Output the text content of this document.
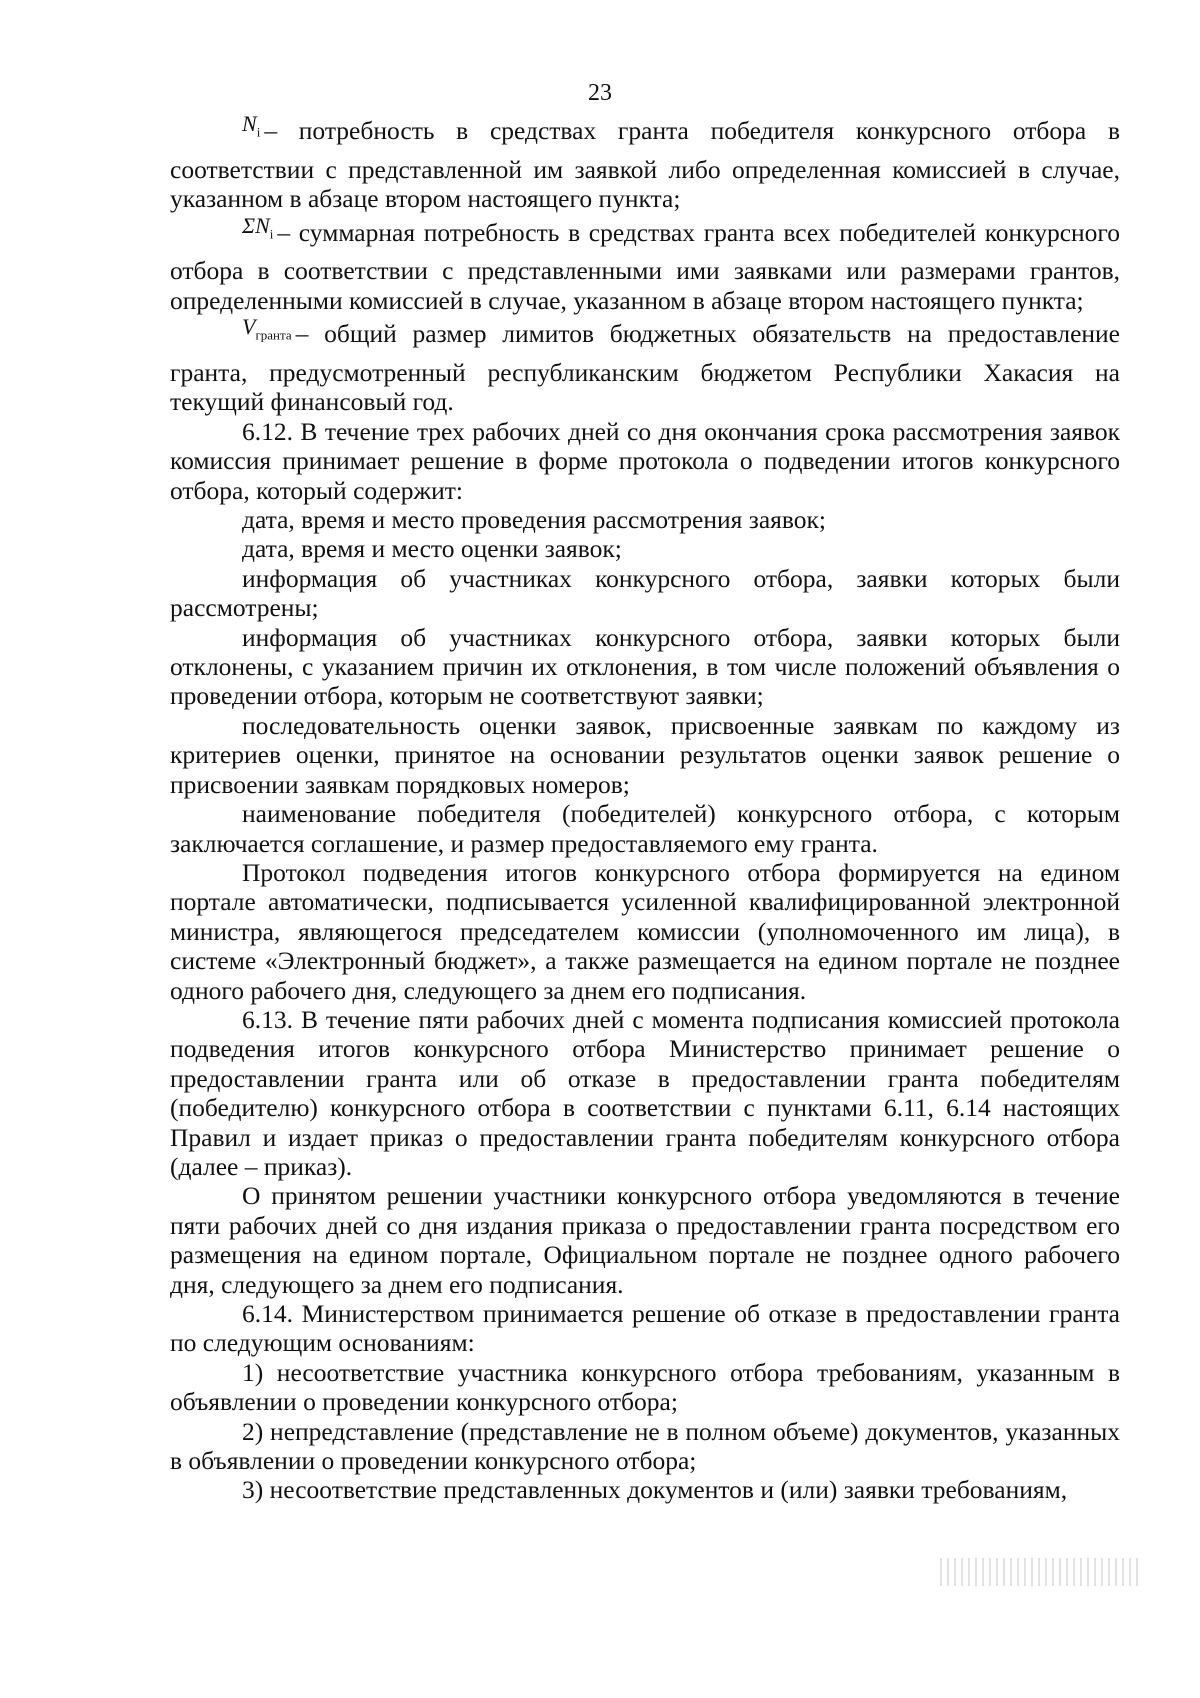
23

$N_i$ – потребность в средствах гранта победителя конкурсного отбора в соответствии с представленной им заявкой либо определенная комиссией в случае, указанном в абзаце втором настоящего пункта;

$\Sigma N_i$ – суммарная потребность в средствах гранта всех победителей конкурсного отбора в соответствии с представленными ими заявками или размерами грантов, определенными комиссией в случае, указанном в абзаце втором настоящего пункта;

$V_{гранта}$ – общий размер лимитов бюджетных обязательств на предоставление гранта, предусмотренный республиканским бюджетом Республики Хакасия на текущий финансовый год.

6.12. В течение трех рабочих дней со дня окончания срока рассмотрения заявок комиссия принимает решение в форме протокола о подведении итогов конкурсного отбора, который содержит:

дата, время и место проведения рассмотрения заявок;

дата, время и место оценки заявок;

информация об участниках конкурсного отбора, заявки которых были рассмотрены;

информация об участниках конкурсного отбора, заявки которых были отклонены, с указанием причин их отклонения, в том числе положений объявления о проведении отбора, которым не соответствуют заявки;

последовательность оценки заявок, присвоенные заявкам по каждому из критериев оценки, принятое на основании результатов оценки заявок решение о присвоении заявкам порядковых номеров;

наименование победителя (победителей) конкурсного отбора, с которым заключается соглашение, и размер предоставляемого ему гранта.

Протокол подведения итогов конкурсного отбора формируется на едином портале автоматически, подписывается усиленной квалифицированной электронной министра, являющегося председателем комиссии (уполномоченного им лица), в системе «Электронный бюджет», а также размещается на едином портале не позднее одного рабочего дня, следующего за днем его подписания.

6.13. В течение пяти рабочих дней с момента подписания комиссией протокола подведения итогов конкурсного отбора Министерство принимает решение о предоставлении гранта или об отказе в предоставлении гранта победителям (победителю) конкурсного отбора в соответствии с пунктами 6.11, 6.14 настоящих Правил и издает приказ о предоставлении гранта победителям конкурсного отбора (далее – приказ).

О принятом решении участники конкурсного отбора уведомляются в течение пяти рабочих дней со дня издания приказа о предоставлении гранта посредством его размещения на едином портале, Официальном портале не позднее одного рабочего дня, следующего за днем его подписания.

6.14. Министерством принимается решение об отказе в предоставлении гранта по следующим основаниям:

1) несоответствие участника конкурсного отбора требованиям, указанным в объявлении о проведении конкурсного отбора;

2) непредставление (представление не в полном объеме) документов, указанных в объявлении о проведении конкурсного отбора;

3) несоответствие представленных документов и (или) заявки требованиям,
